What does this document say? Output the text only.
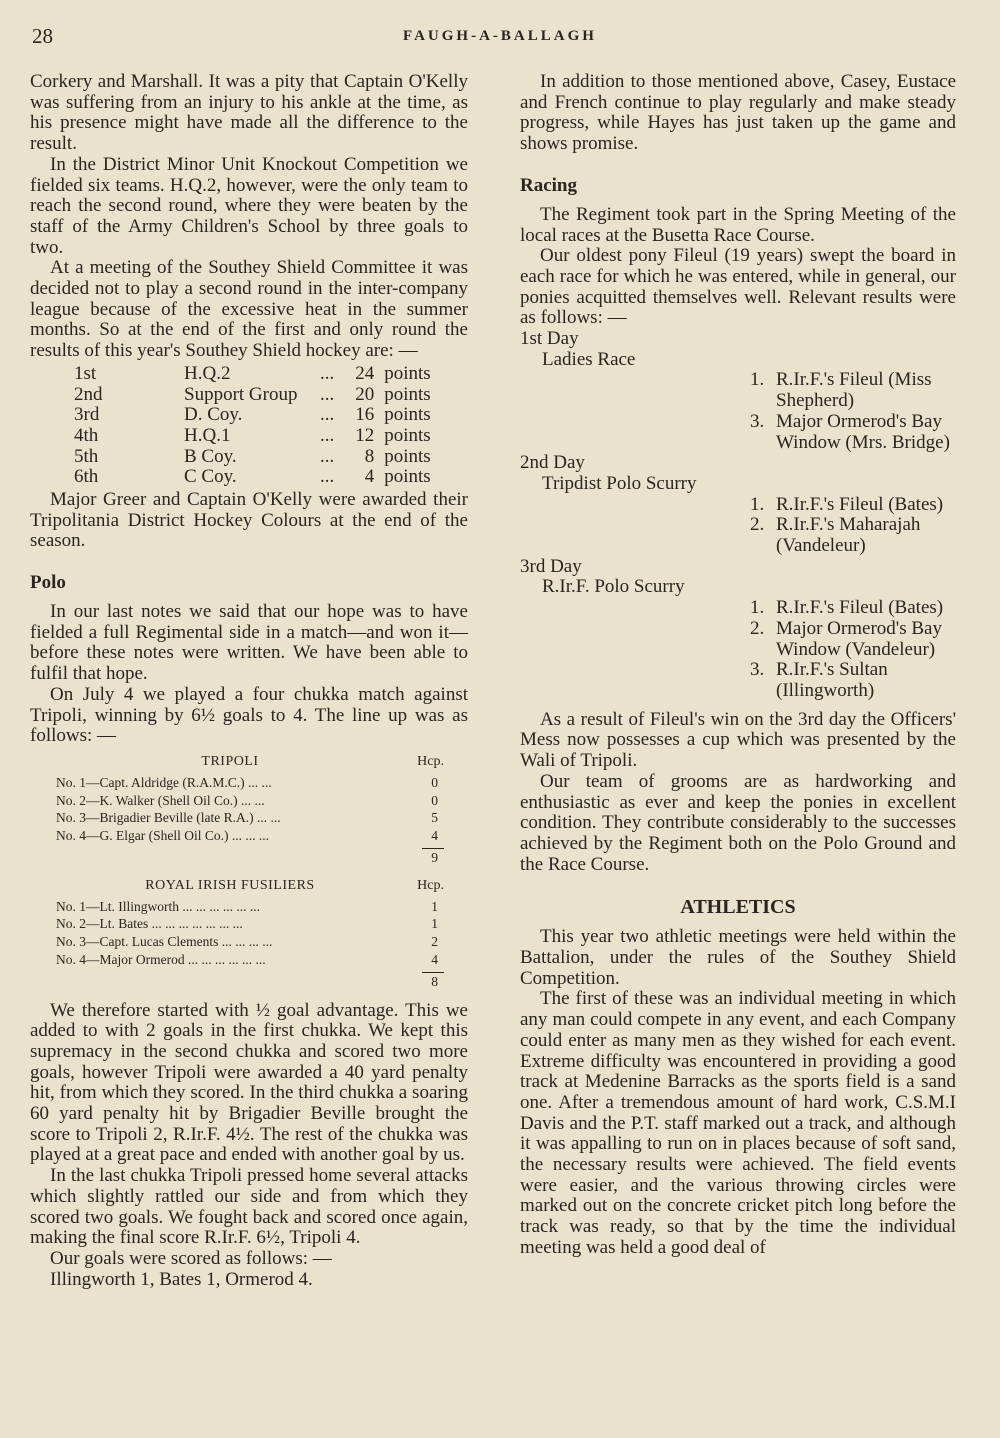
28	FAUGH-A-BALLAGH

Corkery and Marshall. It was a pity that Captain O'Kelly was suffering from an injury to his ankle at the time, as his presence might have made all the difference to the result.

In the District Minor Unit Knockout Competition we fielded six teams. H.Q.2, however, were the only team to reach the second round, where they were beaten by the staff of the Army Children's School by three goals to two.

At a meeting of the Southey Shield Committee it was decided not to play a second round in the inter-company league because of the excessive heat in the summer months. So at the end of the first and only round the results of this year's Southey Shield hockey are: —

1st	H.Q.2	...	24 points
2nd	Support Group	...	20 points
3rd	D. Coy.	...	16 points
4th	H.Q.1	...	12 points
5th	B Coy.	...	8 points
6th	C Coy.	...	4 points

Major Greer and Captain O'Kelly were awarded their Tripolitania District Hockey Colours at the end of the season.

Polo

In our last notes we said that our hope was to have fielded a full Regimental side in a match—and won it—before these notes were written. We have been able to fulfil that hope.

On July 4 we played a four chukka match against Tripoli, winning by 6½ goals to 4. The line up was as follows: —

TRIPOLI	Hcp.
No. 1—Capt. Aldridge (R.A.M.C.) ... ...	0
No. 2—K. Walker (Shell Oil Co.) ... ...	0
No. 3—Brigadier Beville (late R.A.) ... ...	5
No. 4—G. Elgar (Shell Oil Co.) ... ... ...	4
9
ROYAL IRISH FUSILIERS	Hcp.
No. 1—Lt. Illingworth ... ... ... ... ... ...	1
No. 2—Lt. Bates ... ... ... ... ... ... ...	1
No. 3—Capt. Lucas Clements ... ... ... ...	2
No. 4—Major Ormerod ... ... ... ... ... ...	4
8

We therefore started with ½ goal advantage. This we added to with 2 goals in the first chukka. We kept this supremacy in the second chukka and scored two more goals, however Tripoli were awarded a 40 yard penalty hit, from which they scored. In the third chukka a soaring 60 yard penalty hit by Brigadier Beville brought the score to Tripoli 2, R.Ir.F. 4½. The rest of the chukka was played at a great pace and ended with another goal by us.

In the last chukka Tripoli pressed home several attacks which slightly rattled our side and from which they scored two goals. We fought back and scored once again, making the final score R.Ir.F. 6½, Tripoli 4.

Our goals were scored as follows: —

Illingworth 1, Bates 1, Ormerod 4.

In addition to those mentioned above, Casey, Eustace and French continue to play regularly and make steady progress, while Hayes has just taken up the game and shows promise.

Racing

The Regiment took part in the Spring Meeting of the local races at the Busetta Race Course.

Our oldest pony Fileul (19 years) swept the board in each race for which he was entered, while in general, our ponies acquitted themselves well. Relevant results were as follows: —

1st Day
Ladies Race
1. R.Ir.F.'s Fileul (Miss Shepherd)
3. Major Ormerod's Bay Window (Mrs. Bridge)
2nd Day
Tripdist Polo Scurry
1. R.Ir.F.'s Fileul (Bates)
2. R.Ir.F.'s Maharajah (Vandeleur)
3rd Day
R.Ir.F. Polo Scurry
1. R.Ir.F.'s Fileul (Bates)
2. Major Ormerod's Bay Window (Vandeleur)
3. R.Ir.F.'s Sultan (Illingworth)

As a result of Fileul's win on the 3rd day the Officers' Mess now possesses a cup which was presented by the Wali of Tripoli.

Our team of grooms are as hardworking and enthusiastic as ever and keep the ponies in excellent condition. They contribute considerably to the successes achieved by the Regiment both on the Polo Ground and the Race Course.

ATHLETICS

This year two athletic meetings were held within the Battalion, under the rules of the Southey Shield Competition.

The first of these was an individual meeting in which any man could compete in any event, and each Company could enter as many men as they wished for each event. Extreme difficulty was encountered in providing a good track at Medenine Barracks as the sports field is a sand one. After a tremendous amount of hard work, C.S.M.I Davis and the P.T. staff marked out a track, and although it was appalling to run on in places because of soft sand, the necessary results were achieved. The field events were easier, and the various throwing circles were marked out on the concrete cricket pitch long before the track was ready, so that by the time the individual meeting was held a good deal of
